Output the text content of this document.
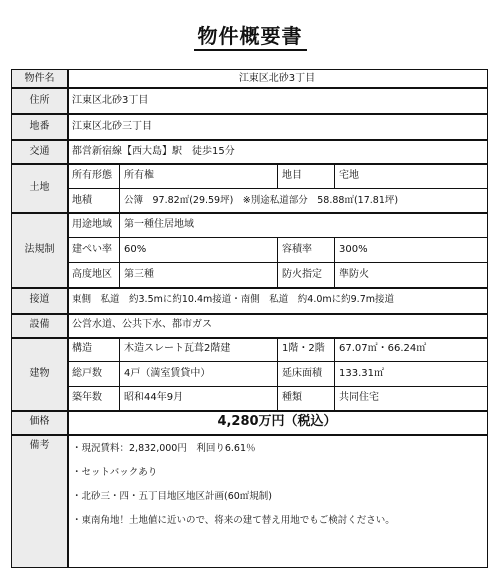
物件概要書
物件名	江東区北砂3丁目
住所	江東区北砂3丁目
地番	江東区北砂三丁目
交通	都営新宿線【西大島】駅　徒歩15分
土地
所有形態 所有権	地目	宅地
地積	公簿　97.82㎡(29.59坪)　※別途私道部分　58.88㎡(17.81坪)
法規制
用途地域 第一種住居地域
建ぺい率 60%	容積率	300%
高度地区 第三種	防火指定 準防火
接道	東側　私道　約3.5mに約10.4m接道・南側　私道　約4.0mに約9.7m接道
設備	公営水道、公共下水、都市ガス
建物
構造	木造スレート瓦葺2階建	1階・2階 67.07㎡・66.24㎡
総戸数 4戸（満室賃貸中）	延床面積 133.31㎡
築年数 昭和44年9月	種類	共同住宅
価格	4,280万円（税込）
備考	・現況賃料：2,832,000円　利回り6.61％
・セットバックあり
・北砂三・四・五丁目地区地区計画(60㎡規制)
・東南角地！土地値に近いので、将来の建て替え用地でもご検討ください。
